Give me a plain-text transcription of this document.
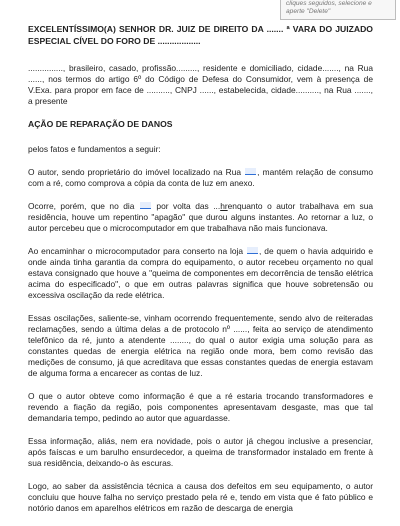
cliques seguidos, selecione e aperte "Delete"
EXCELENTÍSSIMO(A) SENHOR DR. JUIZ DE DIREITO DA ....... ª VARA DO JUIZADO ESPECIAL CÍVEL DO FORO DE ..................
..............., brasileiro, casado, profissão........., residente e domiciliado, cidade......., na Rua ......, nos termos do artigo 6º do Código de Defesa do Consumidor, vem à presença de V.Exa. para propor em face de .........., CNPJ ......, estabelecida, cidade.........., na Rua ......., a presente
AÇÃO DE REPARAÇÃO DE DANOS
pelos fatos e fundamentos a seguir:
O autor, sendo proprietário do imóvel localizado na Rua , mantém relação de consumo com a ré, como comprova a cópia da conta de luz em anexo.
Ocorre, porém, que no dia	por volta das ...hrenquanto o autor trabalhava em sua residência, houve um repentino "apagão" que durou alguns instantes. Ao retornar a luz, o autor percebeu que o microcomputador em que trabalhava não mais funcionava.
Ao encaminhar o microcomputador para conserto na loja , de quem o havia adquirido e onde ainda tinha garantia da compra do equipamento, o autor recebeu orçamento no qual estava consignado que houve a "queima de componentes em decorrência de tensão elétrica acima do especificado", o que em outras palavras significa que houve sobretensão ou excessiva oscilação da rede elétrica.
Essas oscilações, saliente-se, vinham ocorrendo frequentemente, sendo alvo de reiteradas reclamações, sendo a última delas a de protocolo nº ......, feita ao serviço de atendimento telefônico da ré, junto a atendente ........, do qual o autor exigia uma solução para as constantes quedas de energia elétrica na região onde mora, bem como revisão das medições de consumo, já que acreditava que essas constantes quedas de energia estavam de alguma forma a encarecer as contas de luz.
O que o autor obteve como informação é que a ré estaria trocando transformadores e revendo a fiação da região, pois componentes apresentavam desgaste, mas que tal demandaria tempo, pedindo ao autor que aguardasse.
Essa informação, aliás, nem era novidade, pois o autor já chegou inclusive a presenciar, após faíscas e um barulho ensurdecedor, a queima de transformador instalado em frente à sua residência, deixando-o às escuras.
Logo, ao saber da assistência técnica a causa dos defeitos em seu equipamento, o autor concluiu que houve falha no serviço prestado pela ré e, tendo em vista que é fato público e notório danos em aparelhos elétricos em razão de descarga de energia
